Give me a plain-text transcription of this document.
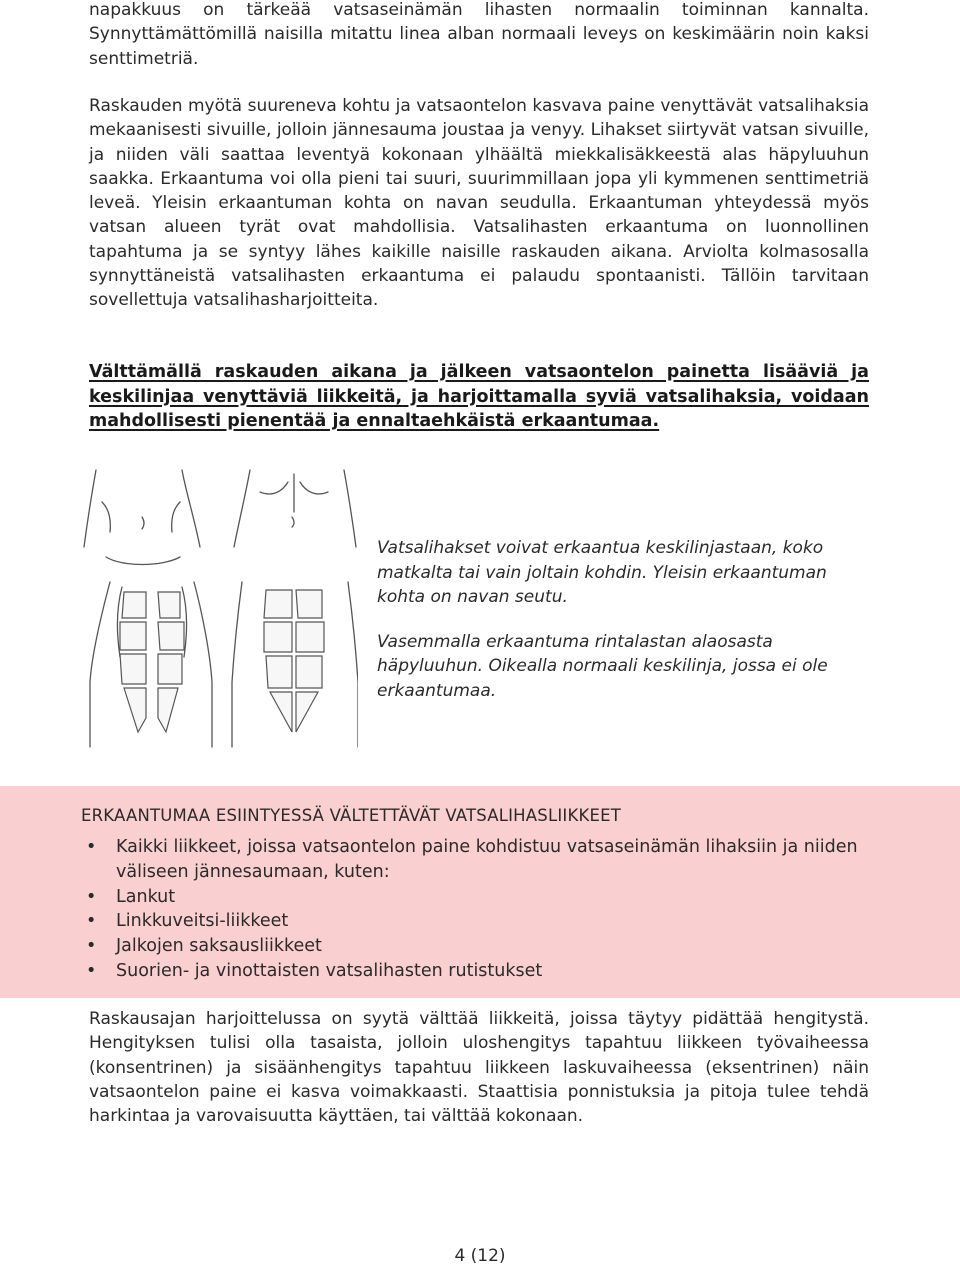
napakkuus on tärkeää vatsaseinämän lihasten normaalin toiminnan kannalta. Synnyttämättömillä naisilla mitattu linea alban normaali leveys on keskimäärin noin kaksi senttimetriä.

Raskauden myötä suureneva kohtu ja vatsaontelon kasvava paine venyttävät vatsalihaksia mekaanisesti sivuille, jolloin jännesauma joustaa ja venyy. Lihakset siirtyvät vatsan sivuille, ja niiden väli saattaa leventyä kokonaan ylhäältä miekkalisäkkeestä alas häpyluuhun saakka. Erkaantuma voi olla pieni tai suuri, suurimmillaan jopa yli kymmenen senttimetriä leveä. Yleisin erkaantuman kohta on navan seudulla. Erkaantuman yhteydessä myös vatsan alueen tyrät ovat mahdollisia. Vatsalihasten erkaantuma on luonnollinen tapahtuma ja se syntyy lähes kaikille naisille raskauden aikana. Arviolta kolmasosalla synnyttäneistä vatsalihasten erkaantuma ei palaudu spontaanisti. Tällöin tarvitaan sovellettuja vatsalihasharjoitteita.

Välttämällä raskauden aikana ja jälkeen vatsaontelon painetta lisääviä ja keskilinjaa venyttäviä liikkeitä, ja harjoittamalla syviä vatsalihaksia, voidaan mahdollisesti pienentää ja ennaltaehkäistä erkaantumaa.

Vatsalihakset voivat erkaantua keskilinjastaan, koko matkalta tai vain joltain kohdin. Yleisin erkaantuman kohta on navan seutu.

Vasemmalla erkaantuma rintalastan alaosasta häpyluuhun. Oikealla normaali keskilinja, jossa ei ole erkaantumaa.

ERKAANTUMAA ESIINTYESSÄ VÄLTETTÄVÄT VATSALIHASLIIKKEET
• Kaikki liikkeet, joissa vatsaontelon paine kohdistuu vatsaseinämän lihaksiin ja niiden väliseen jännesaumaan, kuten:
• Lankut
• Linkkuveitsi-liikkeet
• Jalkojen saksausliikkeet
• Suorien- ja vinottaisten vatsalihasten rutistukset

Raskausajan harjoittelussa on syytä välttää liikkeitä, joissa täytyy pidättää hengitystä. Hengityksen tulisi olla tasaista, jolloin uloshengitys tapahtuu liikkeen työvaiheessa (konsentrinen) ja sisäänhengitys tapahtuu liikkeen laskuvaiheessa (eksentrinen) näin vatsaontelon paine ei kasva voimakkaasti. Staattisia ponnistuksia ja pitoja tulee tehdä harkintaa ja varovaisuutta käyttäen, tai välttää kokonaan.

4 (12)
